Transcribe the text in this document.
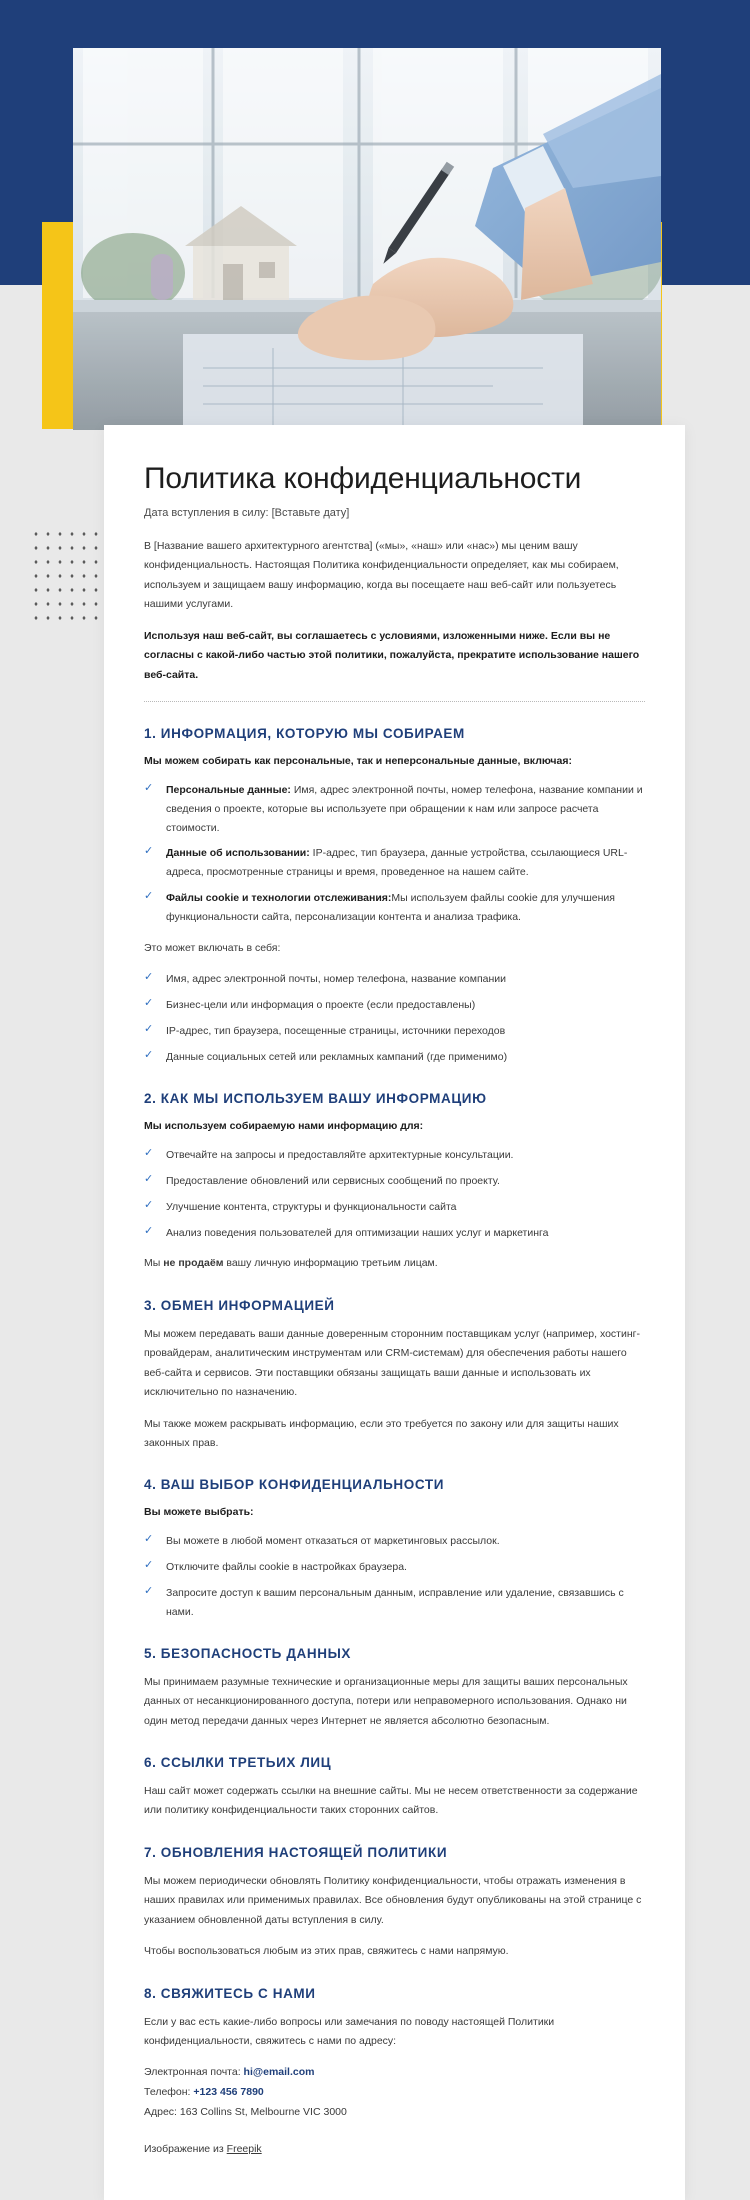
Политика конфиденциальности

Дата вступления в силу: [Вставьте дату]

В [Название вашего архитектурного агентства] («мы», «наш» или «нас») мы ценим вашу конфиденциальность. Настоящая Политика конфиденциальности определяет, как мы собираем, используем и защищаем вашу информацию, когда вы посещаете наш веб-сайт или пользуетесь нашими услугами.

Используя наш веб-сайт, вы соглашаетесь с условиями, изложенными ниже. Если вы не согласны с какой-либо частью этой политики, пожалуйста, прекратите использование нашего веб-сайта.

1. ИНФОРМАЦИЯ, КОТОРУЮ МЫ СОБИРАЕМ
Мы можем собирать как персональные, так и неперсональные данные, включая:
✓ Персональные данные: Имя, адрес электронной почты, номер телефона, название компании и сведения о проекте, которые вы используете при обращении к нам или запросе расчета стоимости.
✓ Данные об использовании: IP-адрес, тип браузера, данные устройства, ссылающиеся URL-адреса, просмотренные страницы и время, проведенное на нашем сайте.
✓ Файлы cookie и технологии отслеживания:Мы используем файлы cookie для улучшения функциональности сайта, персонализации контента и анализа трафика.

Это может включать в себя:

✓ Имя, адрес электронной почты, номер телефона, название компании
✓ Бизнес-цели или информация о проекте (если предоставлены)
✓ IP-адрес, тип браузера, посещенные страницы, источники переходов
✓ Данные социальных сетей или рекламных кампаний (где применимо)
2. КАК МЫ ИСПОЛЬЗУЕМ ВАШУ ИНФОРМАЦИЮ
Мы используем собираемую нами информацию для:
✓ Отвечайте на запросы и предоставляйте архитектурные консультации.
✓ Предоставление обновлений или сервисных сообщений по проекту.
✓ Улучшение контента, структуры и функциональности сайта
✓ Анализ поведения пользователей для оптимизации наших услуг и маркетинга

Мы не продаём вашу личную информацию третьим лицам.

3. ОБМЕН ИНФОРМАЦИЕЙ

Мы можем передавать ваши данные доверенным сторонним поставщикам услуг (например, хостинг-провайдерам, аналитическим инструментам или CRM-системам) для обеспечения работы нашего веб-сайта и сервисов. Эти поставщики обязаны защищать ваши данные и использовать их исключительно по назначению.

Мы также можем раскрывать информацию, если это требуется по закону или для защиты наших законных прав.

4. ВАШ ВЫБОР КОНФИДЕНЦИАЛЬНОСТИ
Вы можете выбрать:
✓ Вы можете в любой момент отказаться от маркетинговых рассылок.
✓ Отключите файлы cookie в настройках браузера.
✓ Запросите доступ к вашим персональным данным, исправление или удаление, связавшись с нами.
5. БЕЗОПАСНОСТЬ ДАННЫХ

Мы принимаем разумные технические и организационные меры для защиты ваших персональных данных от несанкционированного доступа, потери или неправомерного использования. Однако ни один метод передачи данных через Интернет не является абсолютно безопасным.

6. ССЫЛКИ ТРЕТЬИХ ЛИЦ

Наш сайт может содержать ссылки на внешние сайты. Мы не несем ответственности за содержание или политику конфиденциальности таких сторонних сайтов.

7. ОБНОВЛЕНИЯ НАСТОЯЩЕЙ ПОЛИТИКИ

Мы можем периодически обновлять Политику конфиденциальности, чтобы отражать изменения в наших правилах или применимых правилах. Все обновления будут опубликованы на этой странице с указанием обновленной даты вступления в силу.

Чтобы воспользоваться любым из этих прав, свяжитесь с нами напрямую.

8. СВЯЖИТЕСЬ С НАМИ

Если у вас есть какие-либо вопросы или замечания по поводу настоящей Политики конфиденциальности, свяжитесь с нами по адресу:

Электронная почта: hi@email.com

Телефон: +123 456 7890

Адрес: 163 Collins St, Melbourne VIC 3000

Изображение из Freepik
